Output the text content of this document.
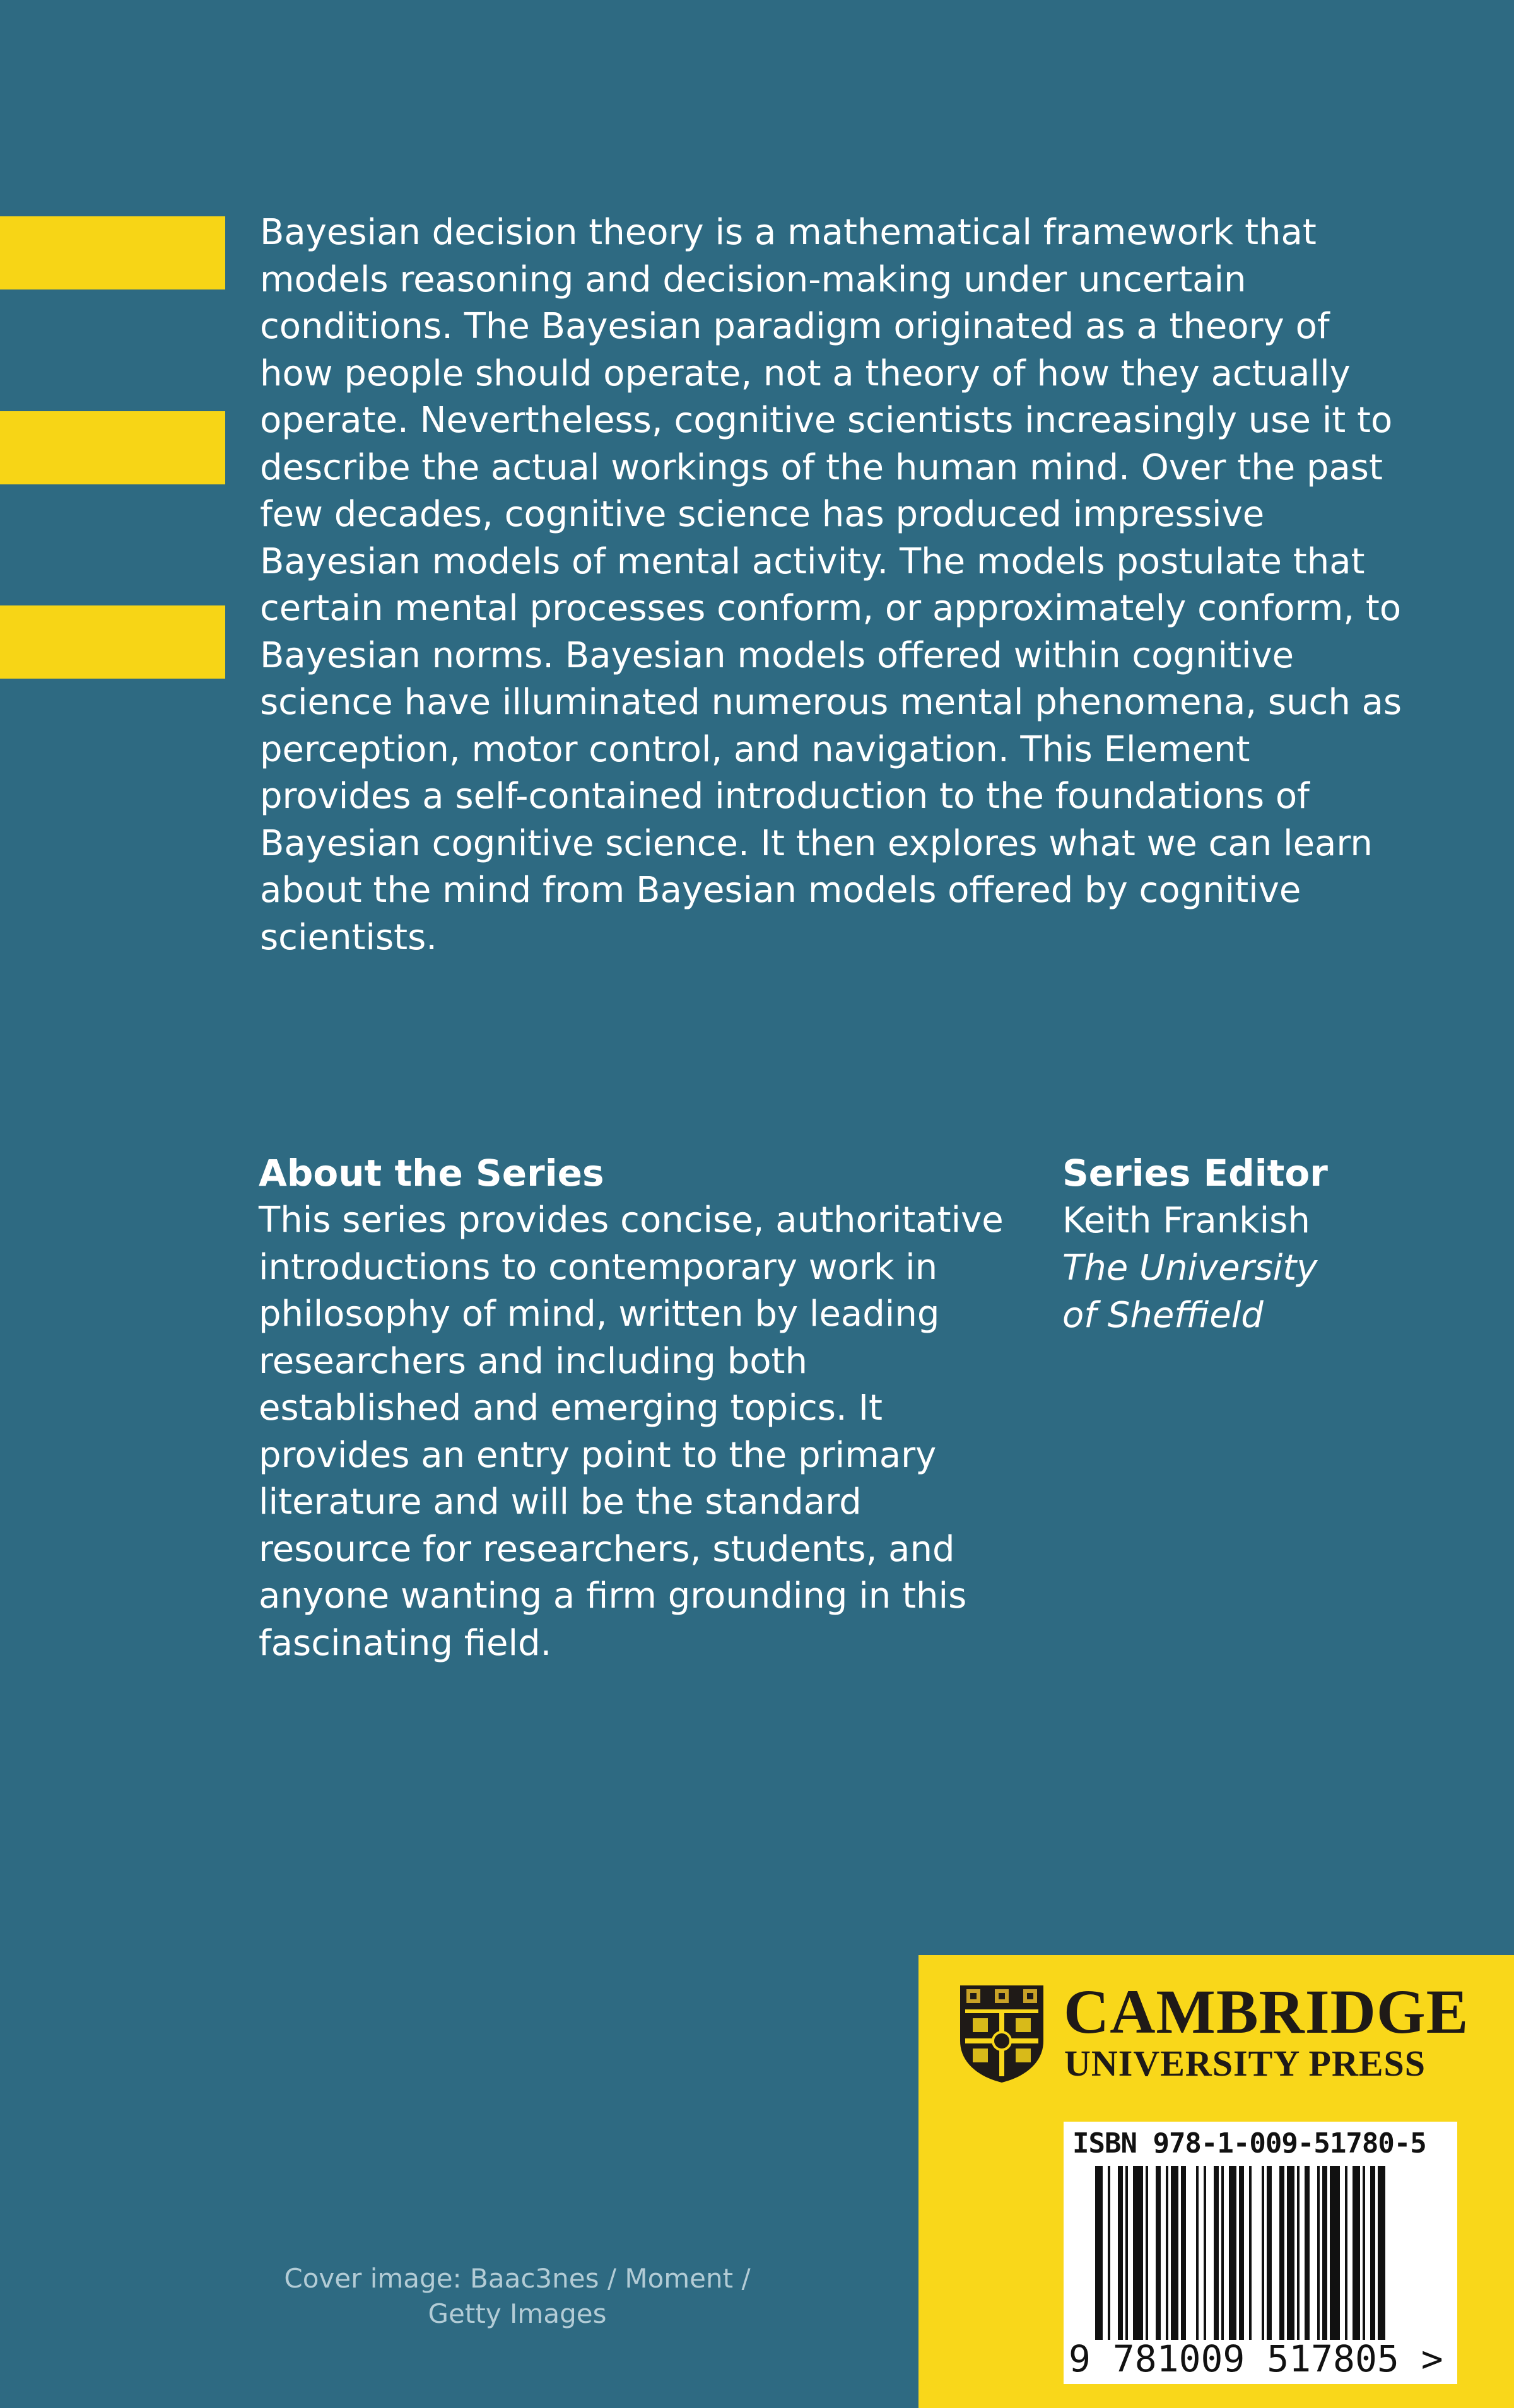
Bayesian decision theory is a mathematical framework that models reasoning and decision-making under uncertain conditions. The Bayesian paradigm originated as a theory of how people should operate, not a theory of how they actually operate. Nevertheless, cognitive scientists increasingly use it to describe the actual workings of the human mind. Over the past few decades, cognitive science has produced impressive Bayesian models of mental activity. The models postulate that certain mental processes conform, or approximately conform, to Bayesian norms. Bayesian models offered within cognitive science have illuminated numerous mental phenomena, such as perception, motor control, and navigation. This Element provides a self-contained introduction to the foundations of Bayesian cognitive science. It then explores what we can learn about the mind from Bayesian models offered by cognitive scientists.

About the Series

This series provides concise, authoritative introductions to contemporary work in philosophy of mind, written by leading researchers and including both established and emerging topics. It provides an entry point to the primary literature and will be the standard resource for researchers, students, and anyone wanting a firm grounding in this fascinating field.

Series Editor

Keith Frankish

The University of Sheffield

Cover image: Baac3nes / Moment / Getty Images

CAMBRIDGE
UNIVERSITY PRESS
ISBN 978-1-009-51780-5
9 781009 517805 >
